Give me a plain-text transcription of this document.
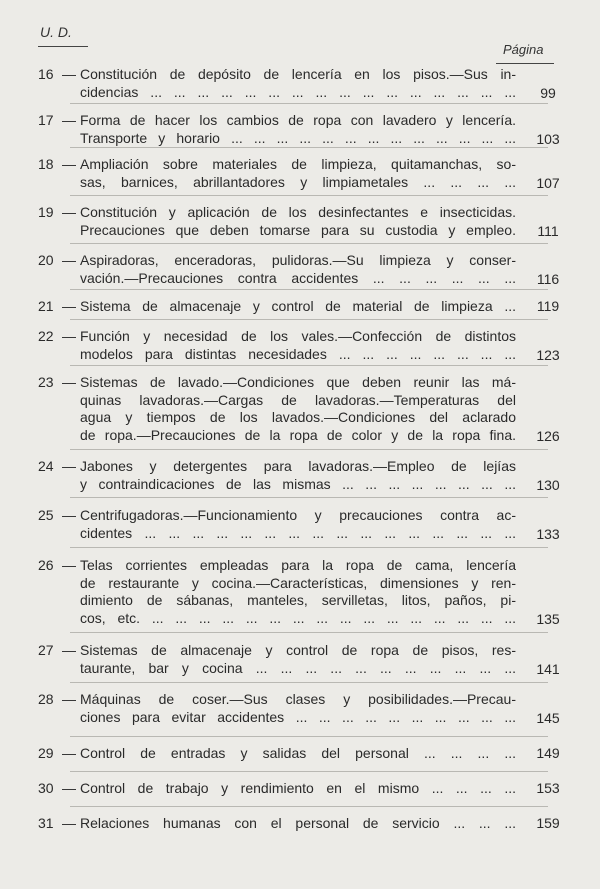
U. D.
Página
16 — Constitución de depósito de lencería en los pisos.—Sus in-
cidencias ... ... ... ... ... ... ... ... ... ... ... ... ... ... ... ...	99
17 — Forma de hacer los cambios de ropa con lavadero y lencería.
Transporte y horario ... ... ... ... ... ... ... ... ... ... ... ... ...	103
18 — Ampliación sobre materiales de limpieza, quitamanchas, so-
sas, barnices, abrillantadores y limpiametales ... ... ... ...	107
19 — Constitución y aplicación de los desinfectantes e insecticidas.
Precauciones que deben tomarse para su custodia y empleo.	111
20 — Aspiradoras, enceradoras, pulidoras.—Su limpieza y conser-
vación.—Precauciones contra accidentes ... ... ... ... ... ...	116
21 — Sistema de almacenaje y control de material de limpieza ...	119
22 — Función y necesidad de los vales.—Confección de distintos
modelos para distintas necesidades ... ... ... ... ... ... ... ...	123
23 — Sistemas de lavado.—Condiciones que deben reunir las má-
quinas lavadoras.—Cargas de lavadoras.—Temperaturas del
agua y tiempos de los lavados.—Condiciones del aclarado
de ropa.—Precauciones de la ropa de color y de la ropa fina.	126
24 — Jabones y detergentes para lavadoras.—Empleo de lejías
y contraindicaciones de las mismas ... ... ... ... ... ... ... ...	130
25 — Centrifugadoras.—Funcionamiento y precauciones contra ac-
cidentes ... ... ... ... ... ... ... ... ... ... ... ... ... ... ... ...	133
26 — Telas corrientes empleadas para la ropa de cama, lencería
de restaurante y cocina.—Características, dimensiones y ren-
dimiento de sábanas, manteles, servilletas, litos, paños, pi-
cos, etc. ... ... ... ... ... ... ... ... ... ... ... ... ... ... ... ...	135
27 — Sistemas de almacenaje y control de ropa de pisos, res-
taurante, bar y cocina ... ... ... ... ... ... ... ... ... ... ...	141
28 — Máquinas de coser.—Sus clases y posibilidades.—Precau-
ciones para evitar accidentes ... ... ... ... ... ... ... ... ... ...	145
29 — Control de entradas y salidas del personal ... ... ... ...	149
30 — Control de trabajo y rendimiento en el mismo ... ... ... ...	153
31 — Relaciones humanas con el personal de servicio ... ... ...	159
